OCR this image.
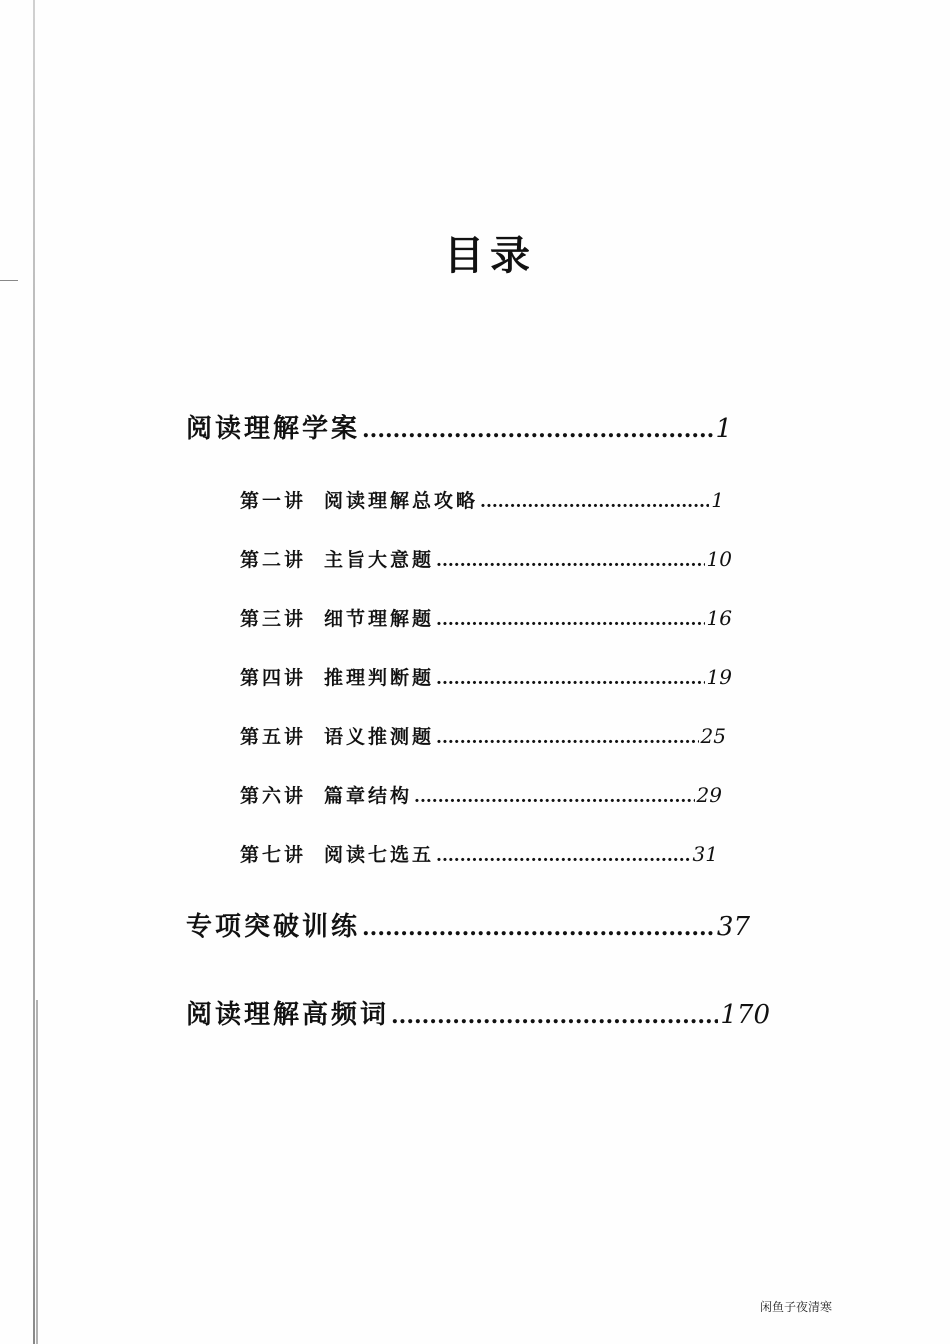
目录
阅读理解学案 .....	1
第一讲 阅读理解总攻略 .....	1
第二讲 主旨大意题 .....	10
第三讲 细节理解题 .....	16
第四讲 推理判断题 .....	19
第五讲 语义推测题 .....	25
第六讲 篇章结构 .....	29
第七讲 阅读七选五 .....	31
专项突破训练 .....	37
阅读理解高频词 .....	170
闲鱼子夜清寒
